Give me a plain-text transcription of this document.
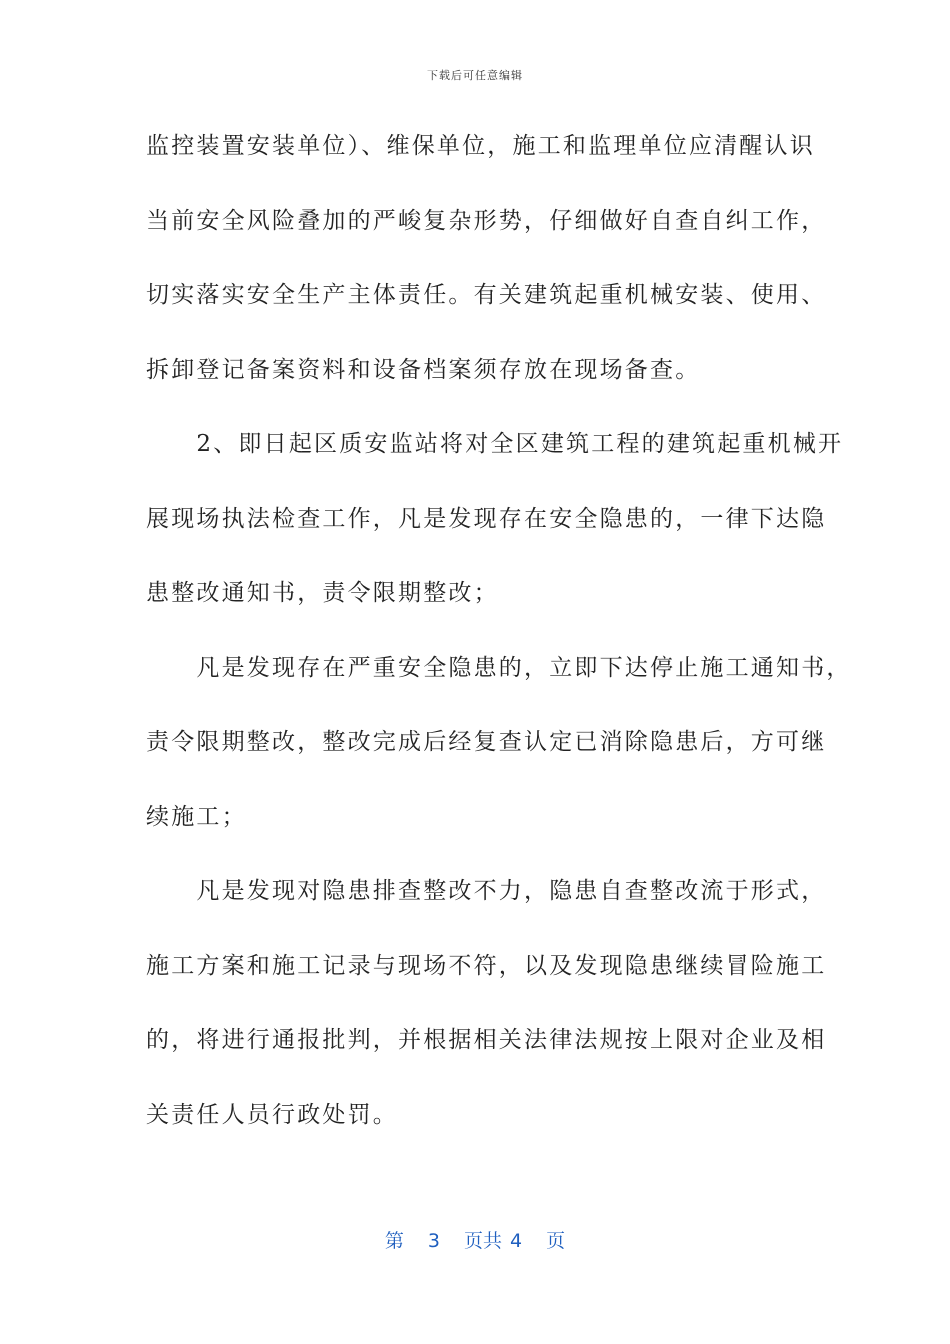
下载后可任意编辑
监控装置安装单位）、维保单位，施工和监理单位应清醒认识
当前安全风险叠加的严峻复杂形势，仔细做好自查自纠工作，
切实落实安全生产主体责任。有关建筑起重机械安装、使用、
拆卸登记备案资料和设备档案须存放在现场备查。
　　2、即日起区质安监站将对全区建筑工程的建筑起重机械开
展现场执法检查工作，凡是发现存在安全隐患的，一律下达隐
患整改通知书，责令限期整改；
　　凡是发现存在严重安全隐患的，立即下达停止施工通知书，
责令限期整改，整改完成后经复查认定已消除隐患后，方可继
续施工；
　　凡是发现对隐患排查整改不力，隐患自查整改流于形式，
施工方案和施工记录与现场不符，以及发现隐患继续冒险施工
的，将进行通报批判，并根据相关法律法规按上限对企业及相
关责任人员行政处罚。
第 3 页共 4 页
